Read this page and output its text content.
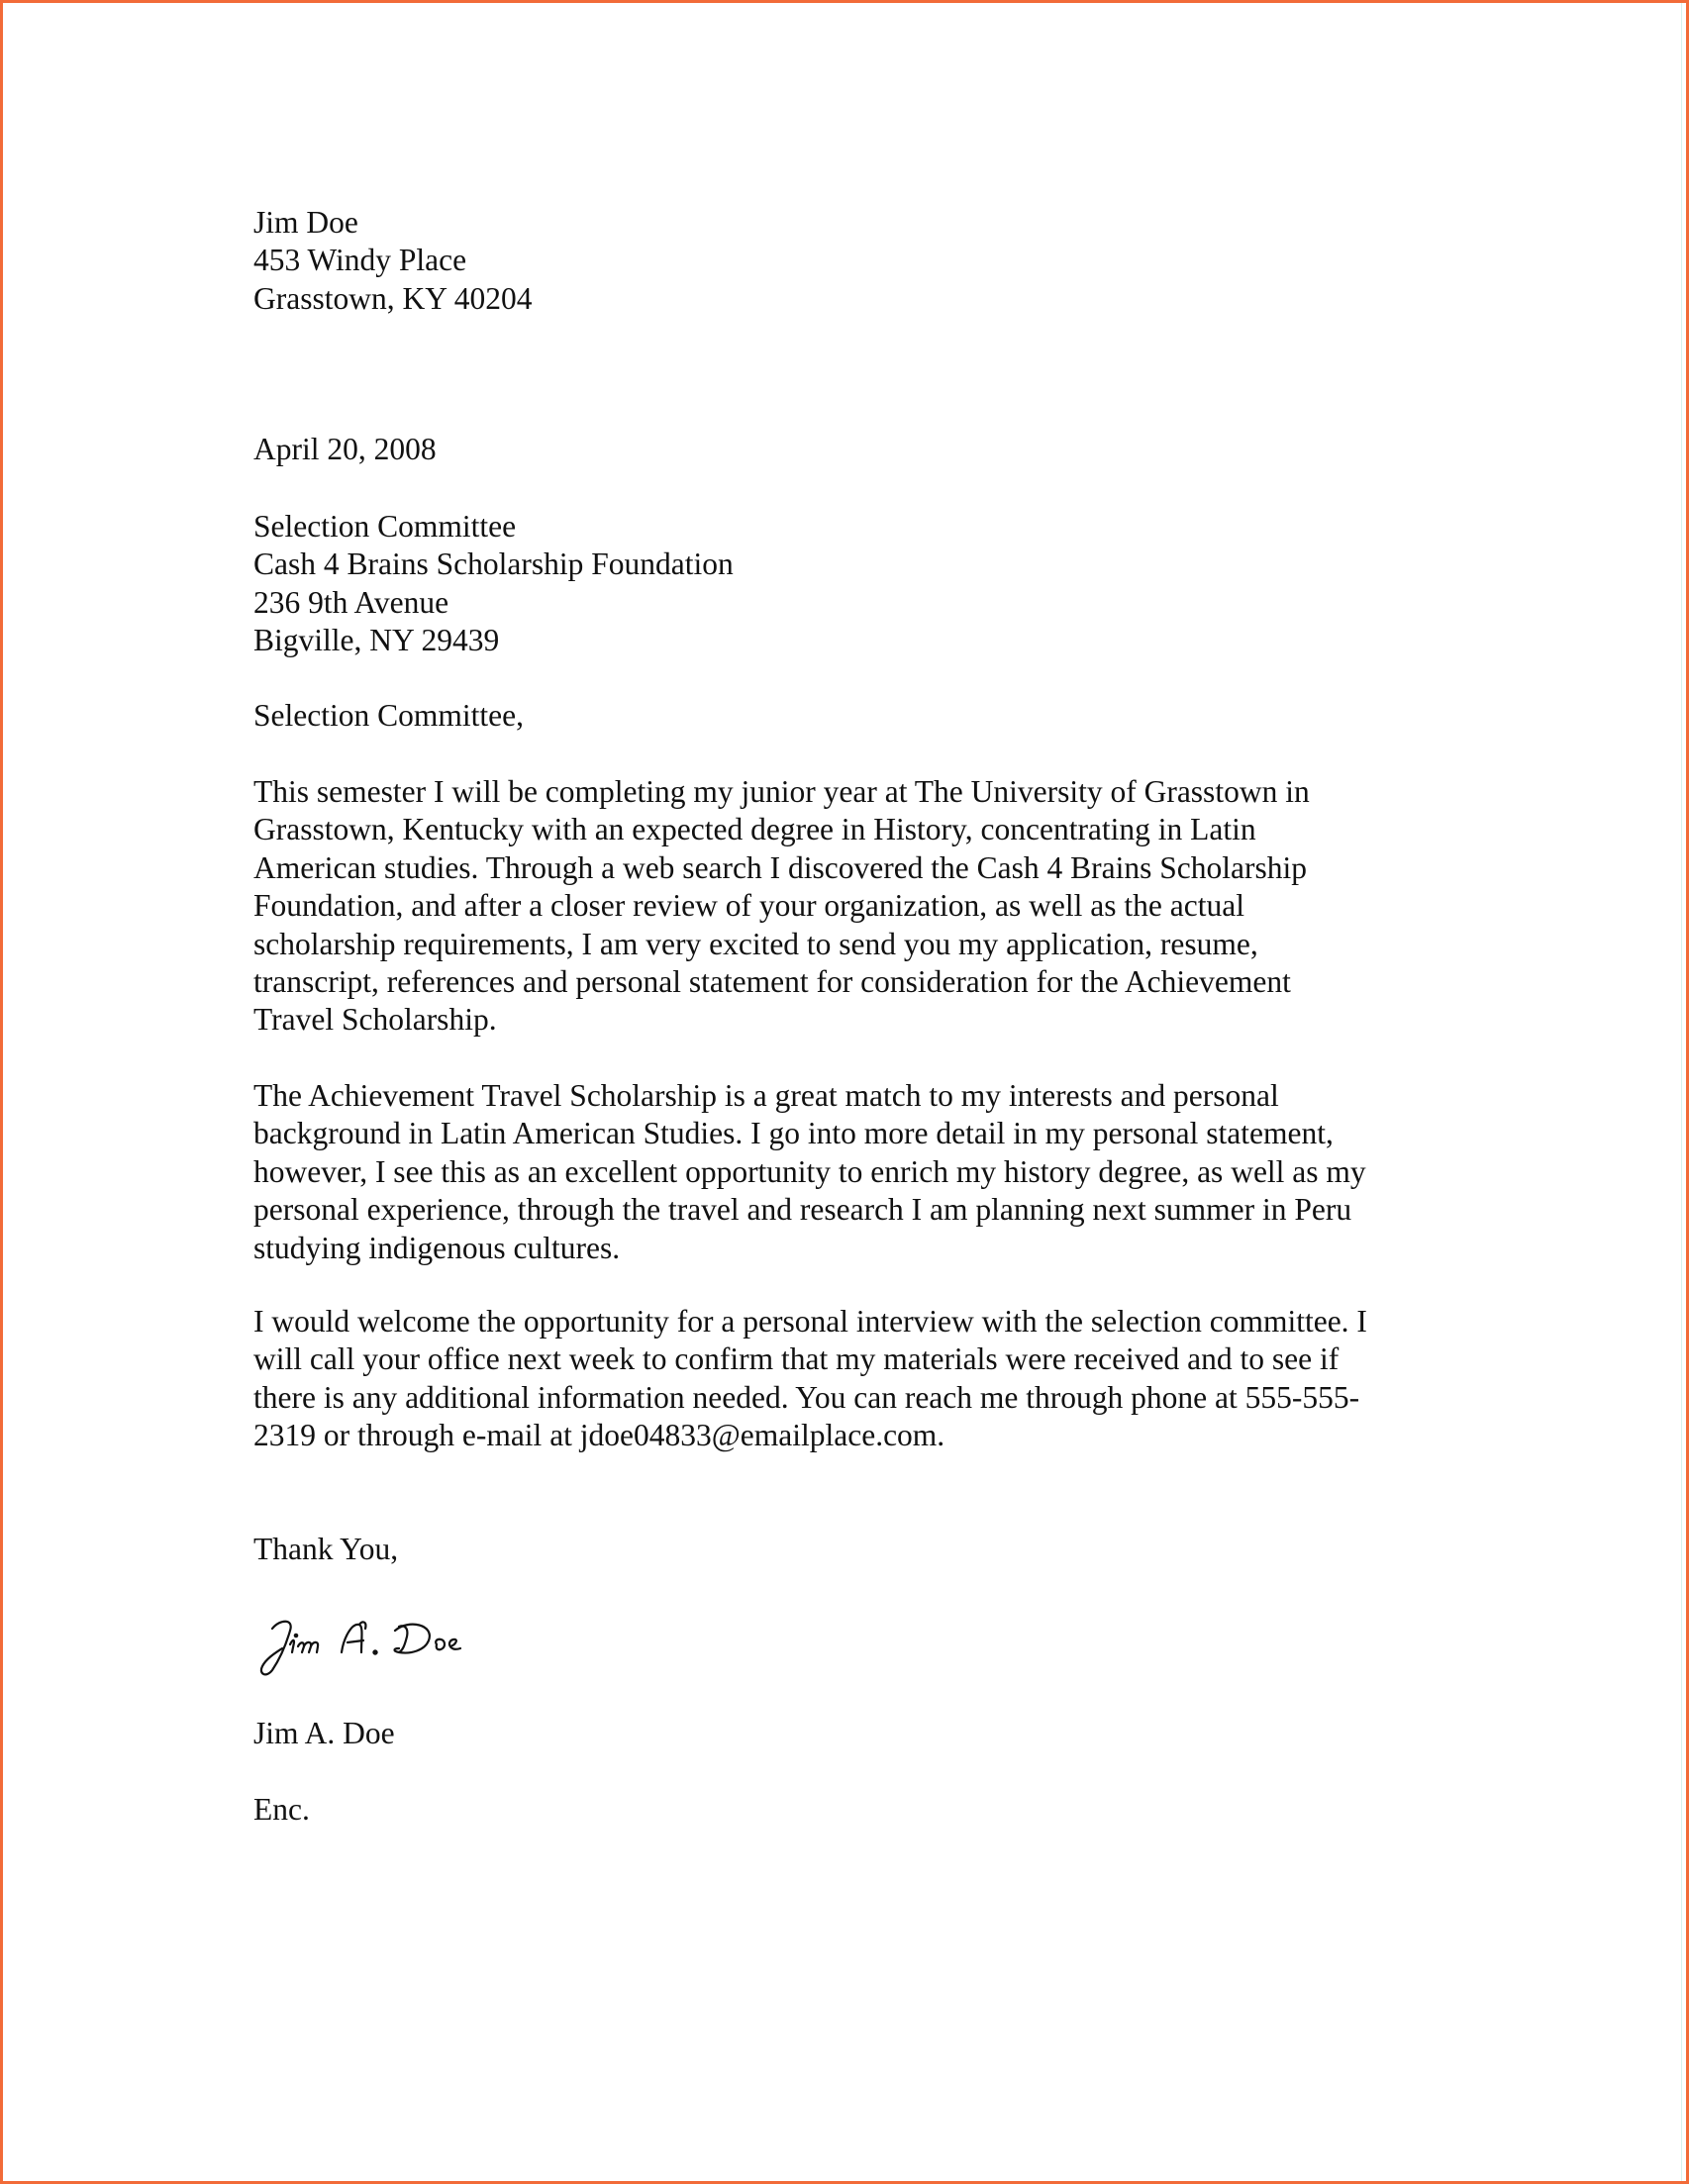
Jim Doe
453 Windy Place
Grasstown, KY 40204
April 20, 2008
Selection Committee
Cash 4 Brains Scholarship Foundation
236 9th Avenue
Bigville, NY 29439
Selection Committee,
This semester I will be completing my junior year at The University of Grasstown in
Grasstown, Kentucky with an expected degree in History, concentrating in Latin
American studies. Through a web search I discovered the Cash 4 Brains Scholarship
Foundation, and after a closer review of your organization, as well as the actual
scholarship requirements, I am very excited to send you my application, resume,
transcript, references and personal statement for consideration for the Achievement
Travel Scholarship.
The Achievement Travel Scholarship is a great match to my interests and personal
background in Latin American Studies. I go into more detail in my personal statement,
however, I see this as an excellent opportunity to enrich my history degree, as well as my
personal experience, through the travel and research I am planning next summer in Peru
studying indigenous cultures.
I would welcome the opportunity for a personal interview with the selection committee. I
will call your office next week to confirm that my materials were received and to see if
there is any additional information needed. You can reach me through phone at 555-555-
2319 or through e-mail at jdoe04833@emailplace.com.
Thank You,
Jim A. Doe
Enc.
